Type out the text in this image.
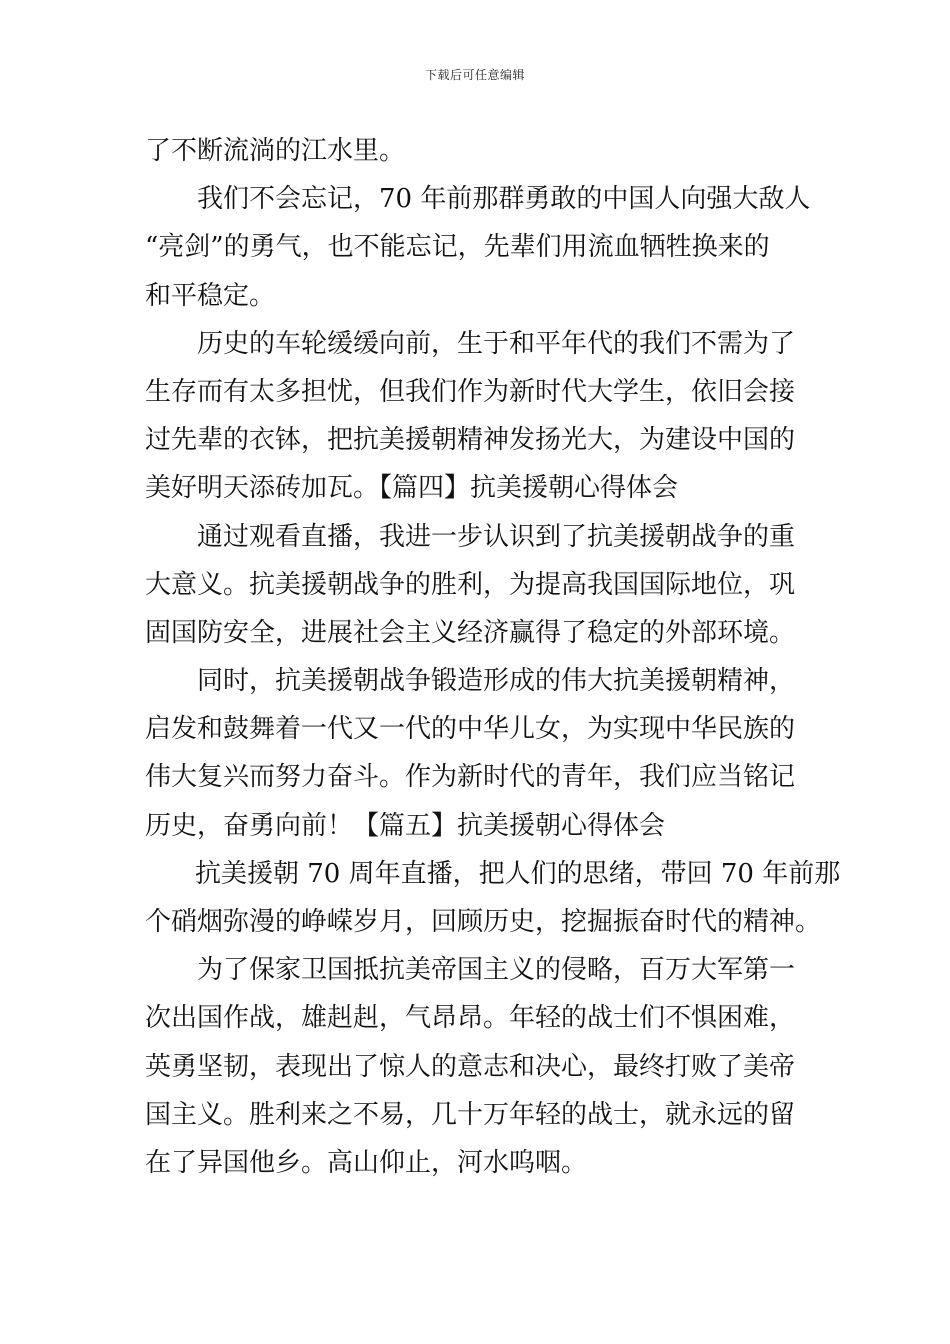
下载后可任意编辑
了不断流淌的江水里。
我们不会忘记，70 年前那群勇敢的中国人向强大敌人
“亮剑”的勇气，也不能忘记，先辈们用流血牺牲换来的
和平稳定。
历史的车轮缓缓向前，生于和平年代的我们不需为了
生存而有太多担忧，但我们作为新时代大学生，依旧会接
过先辈的衣钵，把抗美援朝精神发扬光大，为建设中国的
美好明天添砖加瓦。【篇四】抗美援朝心得体会
通过观看直播，我进一步认识到了抗美援朝战争的重
大意义。抗美援朝战争的胜利，为提高我国国际地位，巩
固国防安全，进展社会主义经济赢得了稳定的外部环境。
同时，抗美援朝战争锻造形成的伟大抗美援朝精神，
启发和鼓舞着一代又一代的中华儿女，为实现中华民族的
伟大复兴而努力奋斗。作为新时代的青年，我们应当铭记
历史，奋勇向前！【篇五】抗美援朝心得体会
抗美援朝 70 周年直播，把人们的思绪，带回 70 年前那
个硝烟弥漫的峥嵘岁月，回顾历史，挖掘振奋时代的精神。
为了保家卫国抵抗美帝国主义的侵略，百万大军第一
次出国作战，雄赳赳，气昂昂。年轻的战士们不惧困难，
英勇坚韧，表现出了惊人的意志和决心，最终打败了美帝
国主义。胜利来之不易，几十万年轻的战士，就永远的留
在了异国他乡。高山仰止，河水呜咽。
